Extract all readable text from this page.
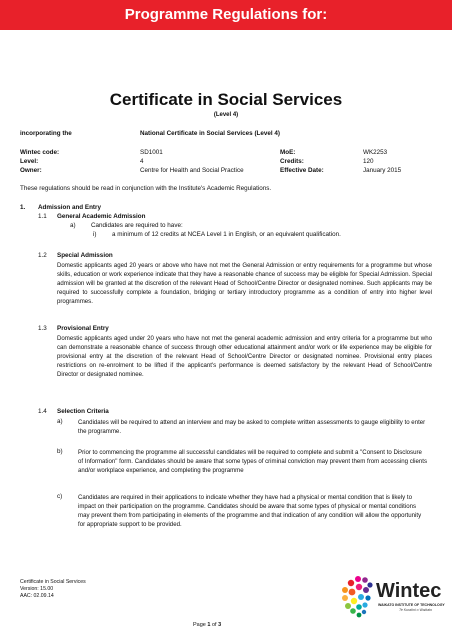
Programme Regulations for:
Certificate in Social Services
(Level 4)
incorporating the	National Certificate in Social Services (Level 4)
Wintec code:	SD1001	MoE:	WK2253
Level:	4	Credits:	120
Owner:	Centre for Health and Social Practice	Effective Date:	January 2015
These regulations should be read in conjunction with the Institute's Academic Regulations.
1. Admission and Entry
1.1 General Academic Admission
a) Candidates are required to have:
i) a minimum of 12 credits at NCEA Level 1 in English, or an equivalent qualification.
1.2 Special Admission
Domestic applicants aged 20 years or above who have not met the General Admission or entry requirements for a programme but whose skills, education or work experience indicate that they have a reasonable chance of success may be eligible for Special Admission. Special admission will be granted at the discretion of the relevant Head of School/Centre Director or designated nominee. Such applicants may be required to successfully complete a foundation, bridging or tertiary introductory programme as a condition of entry into higher level programmes.
1.3 Provisional Entry
Domestic applicants aged under 20 years who have not met the general academic admission and entry criteria for a programme but who can demonstrate a reasonable chance of success through other educational attainment and/or work or life experience may be eligible for provisional entry at the discretion of the relevant Head of School/Centre Director or designated nominee. Provisional entry places restrictions on re-enrolment to be lifted if the applicant's performance is deemed satisfactory by the relevant Head of School/Centre Director or designated nominee.
1.4 Selection Criteria
a)	Candidates will be required to attend an interview and may be asked to complete written assessments to gauge eligibility to enter the programme.
b)	Prior to commencing the programme all successful candidates will be required to complete and submit a "Consent to Disclosure of Information" form. Candidates should be aware that some types of criminal conviction may prevent them from accessing clients and/or workplace experience, and completing the programme
c)	Candidates are required in their applications to indicate whether they have had a physical or mental condition that is likely to impact on their participation on the programme. Candidates should be aware that some types of physical or mental conditions may prevent them from participating in elements of the programme and that indication of any condition will allow the opportunity for appropriate support to be provided.
Certificate in Social Services
Version: 15.00
AAC: 02.09.14
Page 1 of 3
Wintec
WAIKATO INSTITUTE OF TECHNOLOGY
Te Kuratini o Waikato
